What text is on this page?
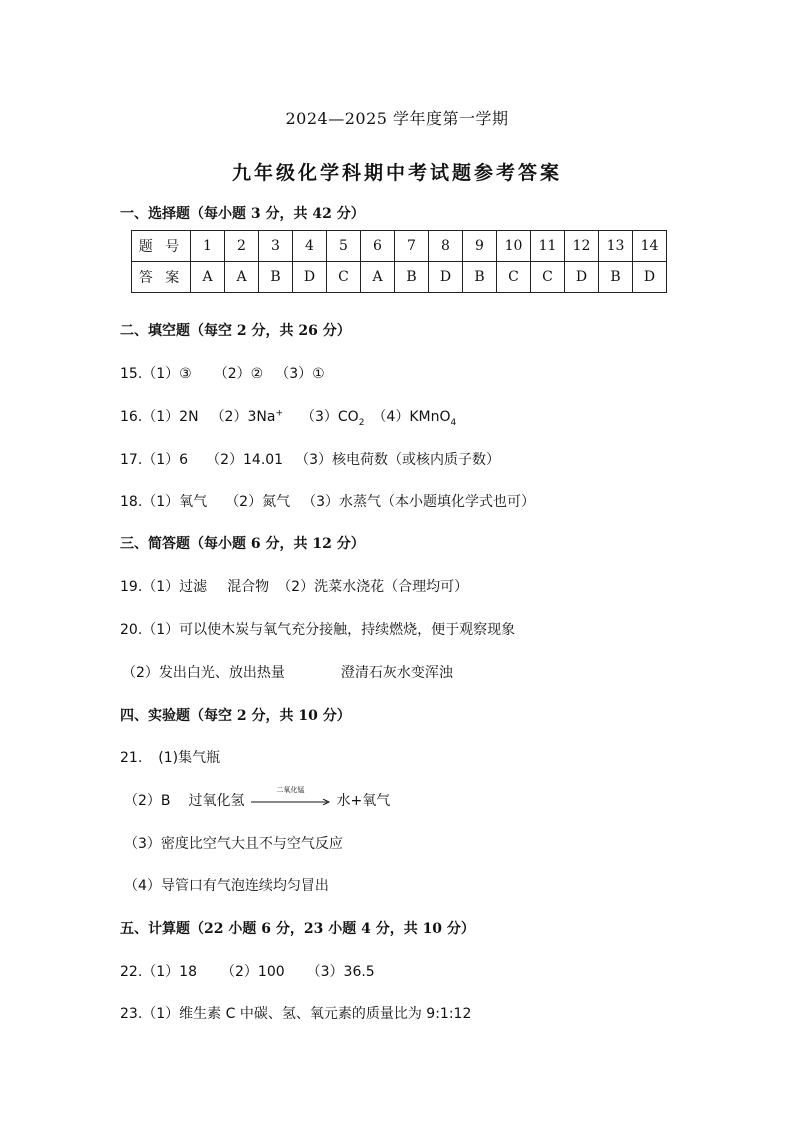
2024—2025 学年度第一学期
九年级化学科期中考试题参考答案
一、选择题（每小题 3 分，共 42 分）
题 号	1	2	3	4	5	6	7	8	9	10	11	12	13	14
答 案	A	A	B	D	C	A	B	D	B	C	C	D	B	D
二、填空题（每空 2 分，共 26 分）
15.（1）③ （2）② （3）①
16.（1）2N （2）3Na+ $(3)CO_2$ （4）KMnO$_4$
17.（1）6 （2）14.01 （3）核电荷数（或核内质子数）
18.（1）氧气 （2）氮气 （3）水蒸气（本小题填化学式也可）
三、简答题（每小题 6 分，共 12 分）
19.（1）过滤 混合物 （2）洗菜水浇花（合理均可）
20.（1）可以使木炭与氧气充分接触，持续燃烧，便于观察现象
（2）发出白光、放出热量	澄清石灰水变浑浊
四、实验题（每空 2 分，共 10 分）
21. (1)集气瓶
（2）B 过氧化氢
二氧化锰
水+氧气
（3）密度比空气大且不与空气反应
（4）导管口有气泡连续均匀冒出
五、计算题（22 小题 6 分，23 小题 4 分，共 10 分）
22.（1）18 （2）100 （3）36.5
23.（1）维生素 C 中碳、氢、氧元素的质量比为 9:1:12
